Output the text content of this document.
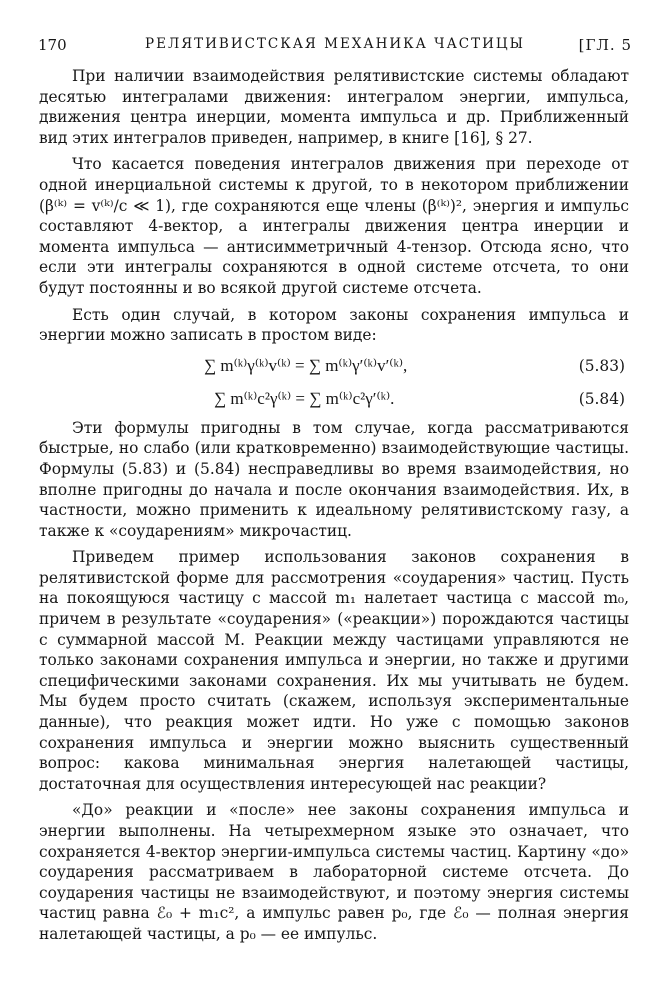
170	РЕЛЯТИВИСТСКАЯ МЕХАНИКА ЧАСТИЦЫ	[ГЛ. 5

При наличии взаимодействия релятивистские системы обладают десятью интегралами движения: интегралом энергии, импульса, движения центра инерции, момента импульса и др. Приближенный вид этих интегралов приведен, например, в книге [16], § 27.

Что касается поведения интегралов движения при переходе от одной инерциальной системы к другой, то в некотором приближении (β⁽ᵏ⁾ = v⁽ᵏ⁾/c ≪ 1), где сохраняются еще члены (β⁽ᵏ⁾)², энергия и импульс составляют 4-вектор, а интегралы движения центра инерции и момента импульса — антисимметричный 4-тензор. Отсюда ясно, что если эти интегралы сохраняются в одной системе отсчета, то они будут постоянны и во всякой другой системе отсчета.

Есть один случай, в котором законы сохранения импульса и энергии можно записать в простом виде:

∑ m⁽ᵏ⁾γ⁽ᵏ⁾v⁽ᵏ⁾ = ∑ m⁽ᵏ⁾γ′⁽ᵏ⁾v′⁽ᵏ⁾,	(5.83)
∑ m⁽ᵏ⁾c²γ⁽ᵏ⁾ = ∑ m⁽ᵏ⁾c²γ′⁽ᵏ⁾.	(5.84)

Эти формулы пригодны в том случае, когда рассматриваются быстрые, но слабо (или кратковременно) взаимодействующие частицы. Формулы (5.83) и (5.84) несправедливы во время взаимодействия, но вполне пригодны до начала и после окончания взаимодействия. Их, в частности, можно применить к идеальному релятивистскому газу, а также к «соударениям» микрочастиц.

Приведем пример использования законов сохранения в релятивистской форме для рассмотрения «соударения» частиц. Пусть на покоящуюся частицу с массой m₁ налетает частица с массой m₀, причем в результате «соударения» («реакции») порождаются частицы с суммарной массой M. Реакции между частицами управляются не только законами сохранения импульса и энергии, но также и другими специфическими законами сохранения. Их мы учитывать не будем. Мы будем просто считать (скажем, используя экспериментальные данные), что реакция может идти. Но уже с помощью законов сохранения импульса и энергии можно выяснить существенный вопрос: какова минимальная энергия налетающей частицы, достаточная для осуществления интересующей нас реакции?

«До» реакции и «после» нее законы сохранения импульса и энергии выполнены. На четырехмерном языке это означает, что сохраняется 4-вектор энергии-импульса системы частиц. Картину «до» соударения рассматриваем в лабораторной системе отсчета. До соударения частицы не взаимодействуют, и поэтому энергия системы частиц равна ℰ₀ + m₁c², а импульс равен p₀, где ℰ₀ — полная энергия налетающей частицы, а p₀ — ее импульс.
